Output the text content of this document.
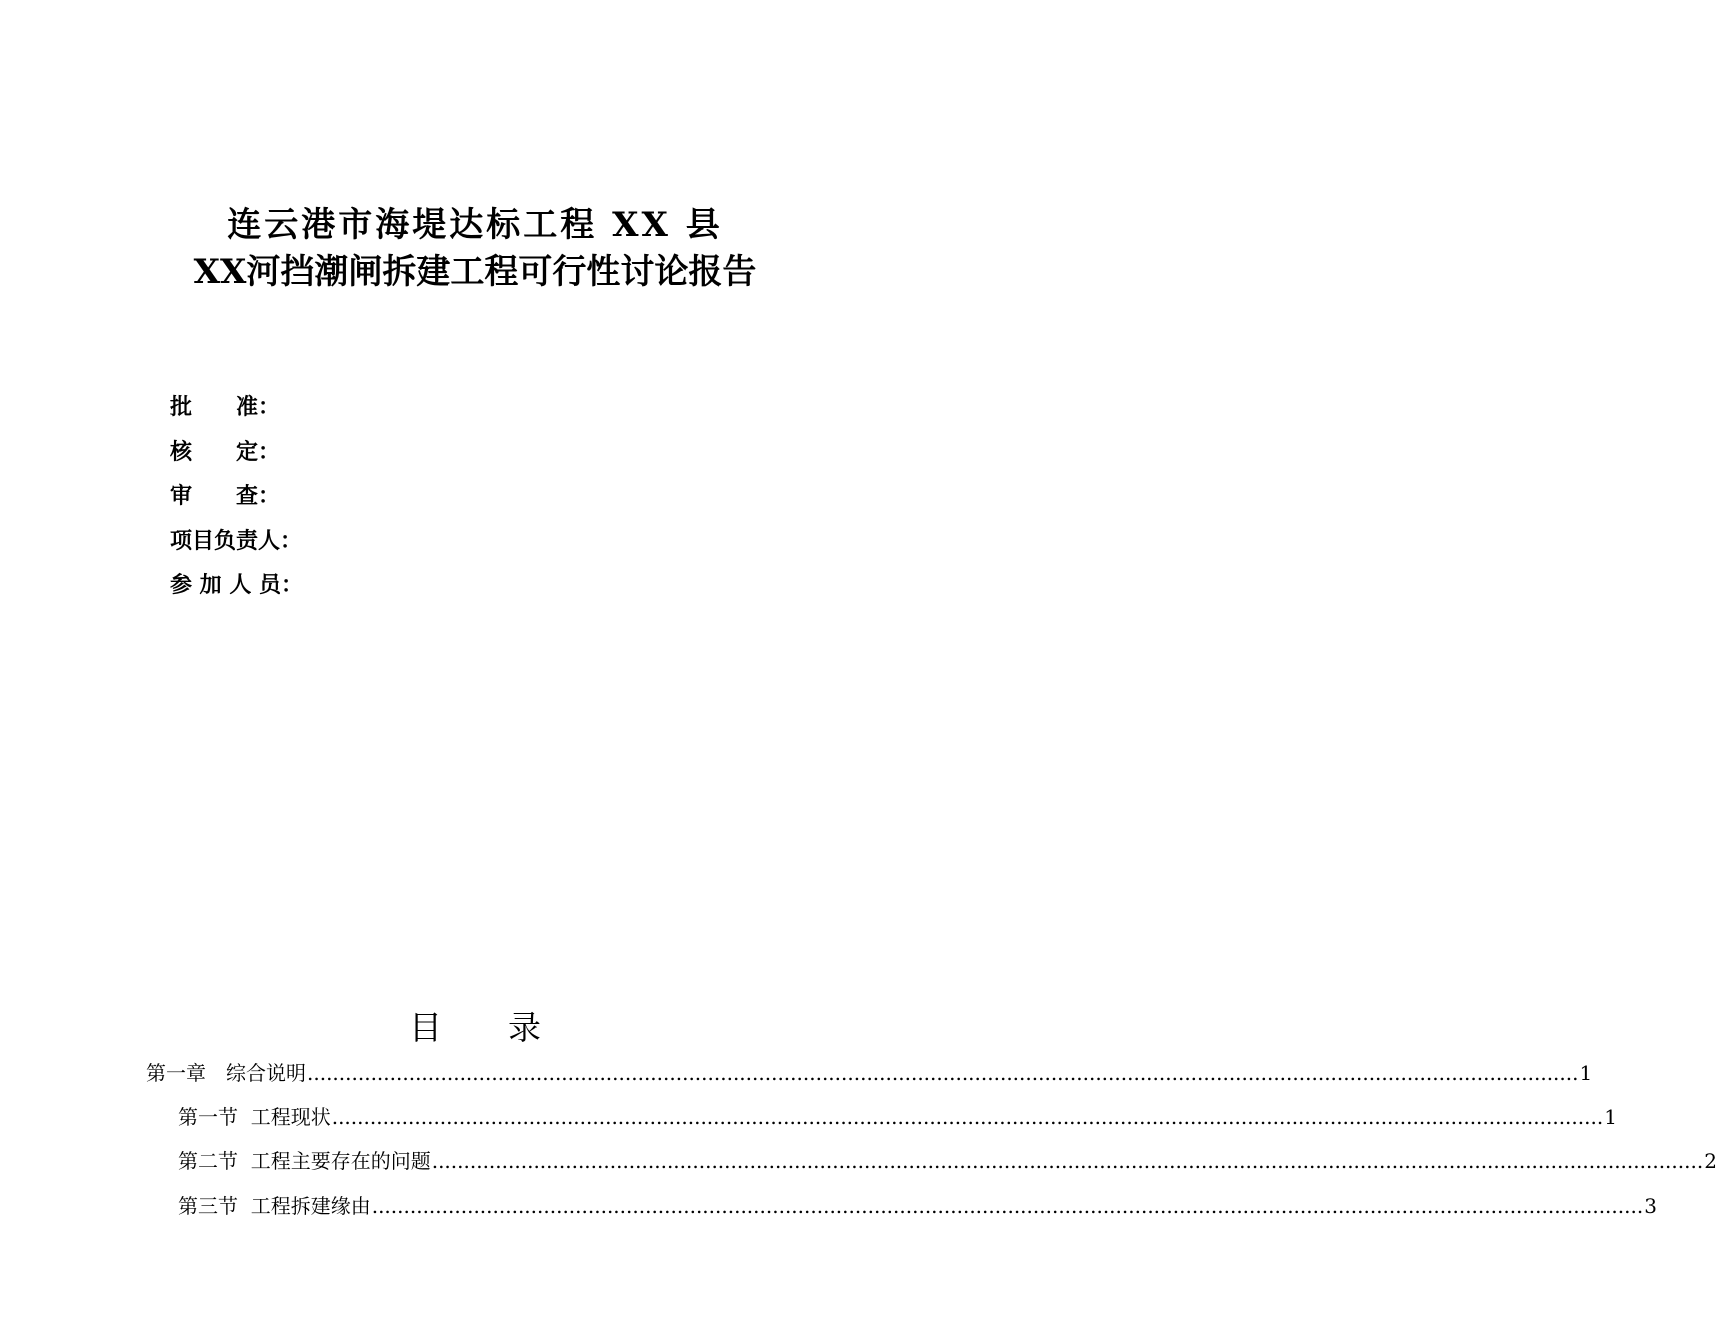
连云港市海堤达标工程 XX 县
XX河挡潮闸拆建工程可行性讨论报告
批　　准：
核　　定：
审　　查：
项目负责人：
参 加 人 员：
目　　录
第一章　综合说明 ........................................................................................................................................................................................................ 1
第一节  工程现状 ........................................................................................................................................................................................................ 1
第二节  工程主要存在的问题 ........................................................................................................................................................................................................ 2
第三节  工程拆建缘由 ........................................................................................................................................................................................................ 3
